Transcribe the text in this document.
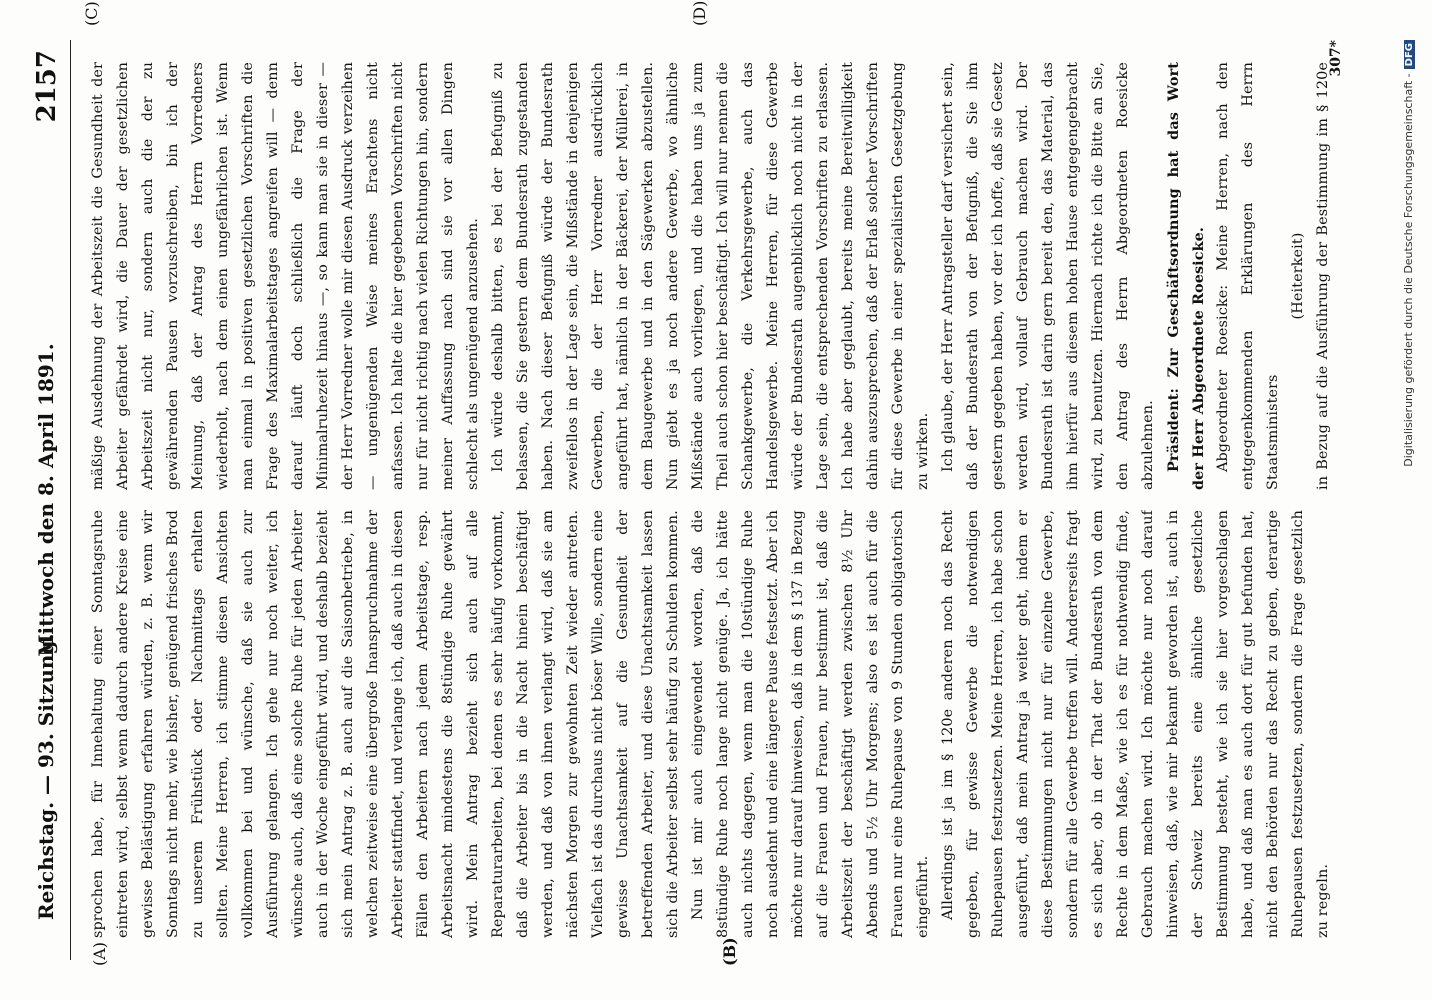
Reichstag. — 93. Sitzung.
Mittwoch den 8. April 1891.
2157
(A)	(B)
(C)	(D)

sprochen habe, für Innehaltung einer Sonntagsruhe eintreten wird, selbst wenn dadurch andere Kreise eine gewisse Belästigung erfahren würden, z. B. wenn wir Sonntags nicht mehr, wie bisher, genügend frisches Brod zu unserem Frühstück oder Nachmittags erhalten sollten. Meine Herren, ich stimme diesen Ansichten vollkommen bei und wünsche, daß sie auch zur Ausführung gelangen. Ich gehe nur noch weiter, ich wünsche auch, daß eine solche Ruhe für jeden Arbeiter auch in der Woche eingeführt wird, und deshalb bezieht sich mein Antrag z. B. auch auf die Saisonbetriebe, in welchen zeitweise eine übergroße Inanspruchnahme der Arbeiter stattfindet, und verlange ich, daß auch in diesen Fällen den Arbeitern nach jedem Arbeitstage, resp. Arbeitsnacht mindestens die 8stündige Ruhe gewährt wird. Mein Antrag bezieht sich auch auf alle Reparaturarbeiten, bei denen es sehr häufig vorkommt, daß die Arbeiter bis in die Nacht hinein beschäftigt werden, und daß von ihnen verlangt wird, daß sie am nächsten Morgen zur gewohnten Zeit wieder antreten. Vielfach ist das durchaus nicht böser Wille, sondern eine gewisse Unachtsamkeit auf die Gesundheit der betreffenden Arbeiter, und diese Unachtsamkeit lassen sich die Arbeiter selbst sehr häufig zu Schulden kommen. Nun ist mir auch eingewendet worden, daß die 8stündige Ruhe noch lange nicht genüge. Ja, ich hätte auch nichts dagegen, wenn man die 10stündige Ruhe noch ausdehnt und eine längere Pause festsetzt. Aber ich möchte nur darauf hinweisen, daß in dem § 137 in Bezug auf die Frauen und Frauen, nur bestimmt ist, daß die Arbeitszeit der beschäftigt werden zwischen 8½ Uhr Abends und 5½ Uhr Morgens; also es ist auch für die Frauen nur eine Ruhepause von 9 Stunden obligatorisch eingeführt. Allerdings ist ja im § 120e anderen noch das Recht gegeben, für gewisse Gewerbe die notwendigen Ruhepausen festzusetzen. Meine Herren, ich habe schon ausgeführt, daß mein Antrag ja weiter geht, indem er diese Bestimmungen nicht nur für einzelne Gewerbe, sondern für alle Gewerbe treffen will. Andererseits fragt es sich aber, ob in der That der Bundesrath von dem Rechte in dem Maße, wie ich es für nothwendig finde, Gebrauch machen wird. Ich möchte nur noch darauf hinweisen, daß, wie mir bekannt geworden ist, auch in der Schweiz bereits eine ähnliche gesetzliche Bestimmung besteht, wie ich sie hier vorgeschlagen habe, und daß man es auch dort für gut befunden hat, nicht den Behörden nur das Recht zu geben, derartige Ruhepausen festzusetzen, sondern die Frage gesetzlich zu regeln.

mäßige Ausdehnung der Arbeitszeit die Gesundheit der Arbeiter gefährdet wird, die Dauer der gesetzlichen Arbeitszeit nicht nur, sondern auch die der zu gewährenden Pausen vorzuschreiben, bin ich der Meinung, daß der Antrag des Herrn Vorredners wiederholt, nach dem einen ungefährlichen ist. Wenn man einmal in positiven gesetzlichen Vorschriften die Frage des Maximalarbeitstages angreifen will — denn darauf läuft doch schließlich die Frage der Minimalruhezeit hinaus —, so kann man sie in dieser — der Herr Vorredner wolle mir diesen Ausdruck verzeihen — ungenügenden Weise meines Erachtens nicht anfassen. Ich halte die hier gegebenen Vorschriften nicht nur für nicht richtig nach vielen Richtungen hin, sondern meiner Auffassung nach sind sie vor allen Dingen schlecht als ungenügend anzusehen. Ich würde deshalb bitten, es bei der Befugniß zu belassen, die Sie gestern dem Bundesrath zugestanden haben. Nach dieser Befugniß würde der Bundesrath zweifellos in der Lage sein, die Mißstände in denjenigen Gewerben, die der Herr Vorredner ausdrücklich angeführt hat, nämlich in der Bäckerei, der Müllerei, in dem Baugewerbe und in den Sägewerken abzustellen. Nun giebt es ja noch andere Gewerbe, wo ähnliche Mißstände auch vorliegen, und die haben uns ja zum Theil auch schon hier beschäftigt. Ich will nur nennen die Schankgewerbe, die Verkehrsgewerbe, auch das Handelsgewerbe. Meine Herren, für diese Gewerbe würde der Bundesrath augenblicklich noch nicht in der Lage sein, die entsprechenden Vorschriften zu erlassen. Ich habe aber geglaubt, bereits meine Bereitwilligkeit dahin auszusprechen, daß der Erlaß solcher Vorschriften für diese Gewerbe in einer spezialisirten Gesetzgebung zu wirken. Ich glaube, der Herr Antragsteller darf versichert sein, daß der Bundesrath von der Befugniß, die Sie ihm gestern gegeben haben, vor der ich hoffe, daß sie Gesetz werden wird, vollauf Gebrauch machen wird. Der Bundesrath ist darin gern bereit den, das Material, das ihm hierfür aus diesem hohen Hause entgegengebracht wird, zu benutzen. Hiernach richte ich die Bitte an Sie, den Antrag des Herrn Abgeordneten Roesicke abzulehnen. Präsident: Zur Geschäftsordnung hat das Wort der Herr Abgeordnete Roesicke. Abgeordneter Roesicke: Meine Herren, nach den entgegenkommenden Erklärungen des Herrn Staatsministers

(Heiterkeit)

in Bezug auf die Ausführung der Bestimmung im § 120e

307*
Digitalisierung gefördert durch die Deutsche Forschungsgemeinschaft -DFG
